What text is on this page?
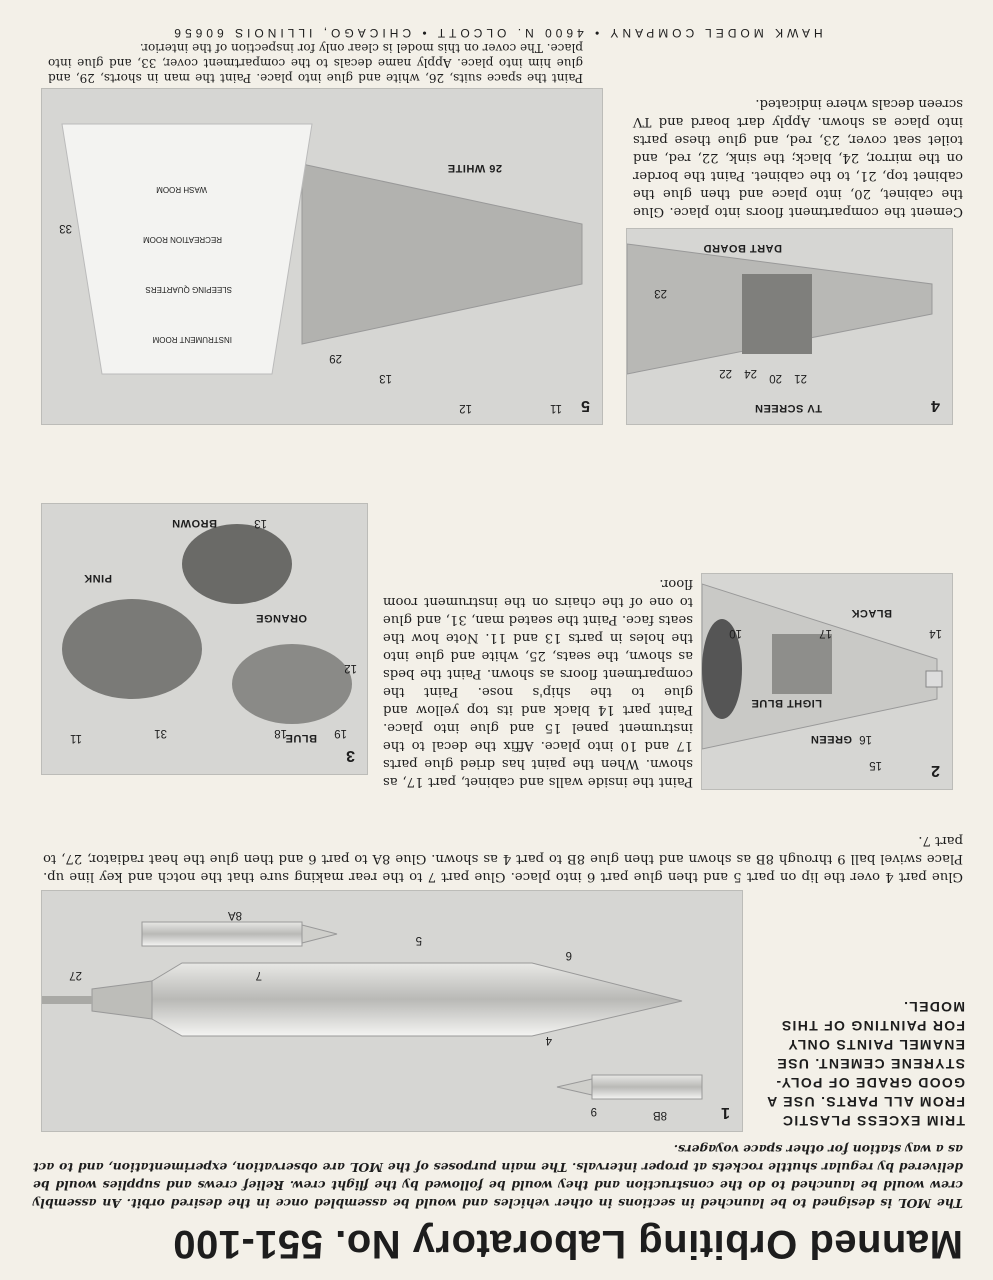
Manned Orbiting Laboratory No. 551-100
The MOL is designed to be launched in sections in other vehicles and would be assembled once in the desired orbit. An assembly crew would be launched to do the construction and they would be followed by the flight crew. Relief crews and supplies would be delivered by regular shuttle rockets at proper intervals. The main purposes of the MOL are observation, experimentation, and to act as a way station for other space voyagers.
TRIM EXCESS PLASTIC FROM ALL PARTS. USE A GOOD GRADE OF POLY-STYRENE CEMENT. USE ENAMEL PAINTS ONLY FOR PAINTING OF THIS MODEL.
1
8B
9
4
5
6
7
8A
27
Glue part 4 over the lip on part 5 and then glue part 6 into place. Glue part 7 to the rear making sure that the notch and key line up. Place swivel ball 9 through 8B as shown and then glue 8B to part 4 as shown. Glue 8A to part 6 and then glue the heat radiator, 27, to part 7.
2
15
16
GREEN
LIGHT BLUE
17
10
BLACK
14
Paint the inside walls and cabinet, part 17, as shown. When the paint has dried glue parts 17 and 10 into place. Affix the decal to the instrument panel 15 and glue into place. Paint part 14 black and its top yellow and glue to the ship's nose. Paint the compartment floors as shown. Paint the beds as shown, the seats, 25, white and glue into the holes in parts 13 and 11. Note how the seats face. Paint the seated man, 31, and glue to one of the chairs on the instrument room floor.
3
19
BLUE
18
31
11
ORANGE
12
PINK
13
BROWN
4
TV SCREEN
21
20
24
22
23
DART BOARD
Cement the compartment floors into place. Glue the cabinet, 20, into place and then glue the cabinet top, 21, to the cabinet. Paint the border on the mirror, 24, black; the sink, 22, red, and toilet seat cover, 23, red, and glue these parts into place as shown. Apply dart board and TV screen decals where indicated.
5
11
12
13
29
26 WHITE
33
INSTRUMENT ROOM
SLEEPING QUARTERS
RECREATION ROOM
WASH ROOM
Paint the space suits, 26, white and glue into place. Paint the man in shorts, 29, and glue him into place. Apply name decals to the compartment cover, 33, and glue into place. The cover on this model is clear only for inspection of the interior.
HAWK MODEL COMPANY • 4600 N. OLCOTT • CHICAGO, ILLINOIS 60656
